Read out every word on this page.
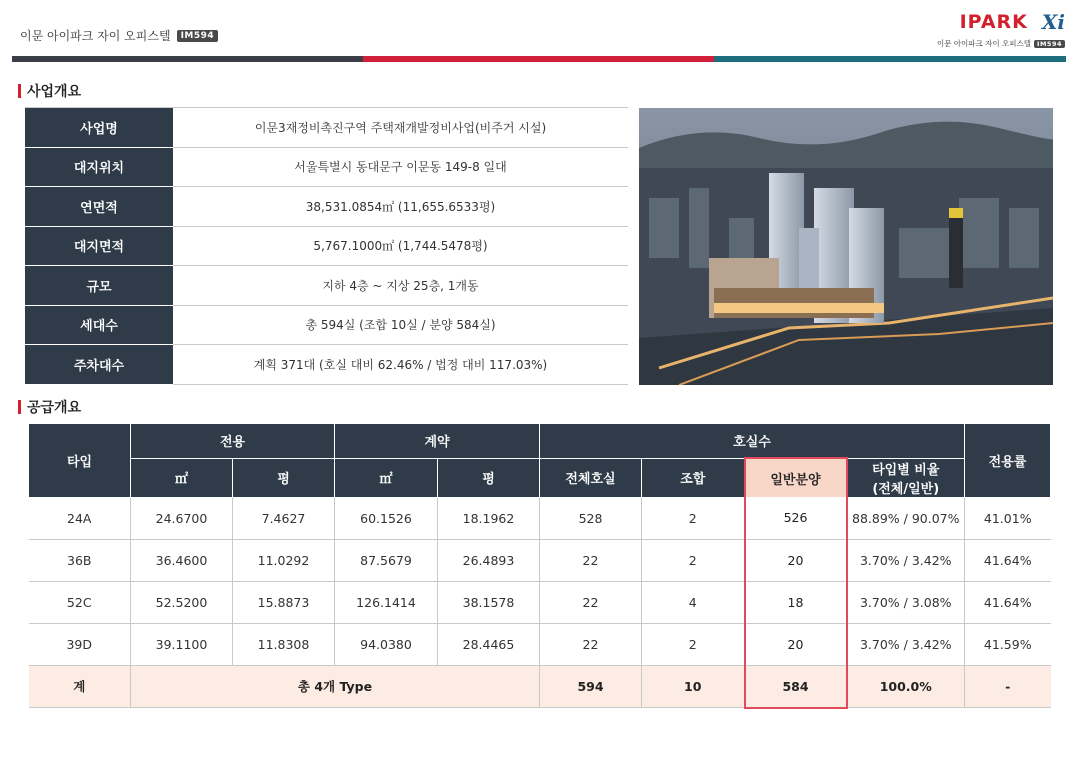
이문 아이파크 자이 오피스텔	IM594
IPARK Xi
이문 아이파크 자이 오피스텔 IM594
사업개요
사업명	이문3재정비촉진구역 주택재개발정비사업(비주거 시설)
대지위치	서울특별시 동대문구 이문동 149-8 일대
연면적	38,531.0854㎡ (11,655.6533평)
대지면적	5,767.1000㎡ (1,744.5478평)
규모	지하 4층 ~ 지상 25층, 1개동
세대수	총 594실 (조합 10실 / 분양 584실)
주차대수	계획 371대 (호실 대비 62.46% / 법정 대비 117.03%)
공급개요
타입	전용		계약		호실수				전용률
	㎡	평	㎡	평	전체호실	조합	일반분양	타입별 비율
(전체/일반)	

24A	24.6700	7.4627	60.1526	18.1962	528	2	526	88.89% / 90.07%	41.01%
36B	36.4600	11.0292	87.5679	26.4893	22	2	20	3.70% / 3.42%	41.64%
52C	52.5200	15.8873	126.1414	38.1578	22	4	18	3.70% / 3.08%	41.64%
39D	39.1100	11.8308	94.0380	28.4465	22	2	20	3.70% / 3.42%	41.59%
계	총 4개 Type				594	10	584	100.0%	-
